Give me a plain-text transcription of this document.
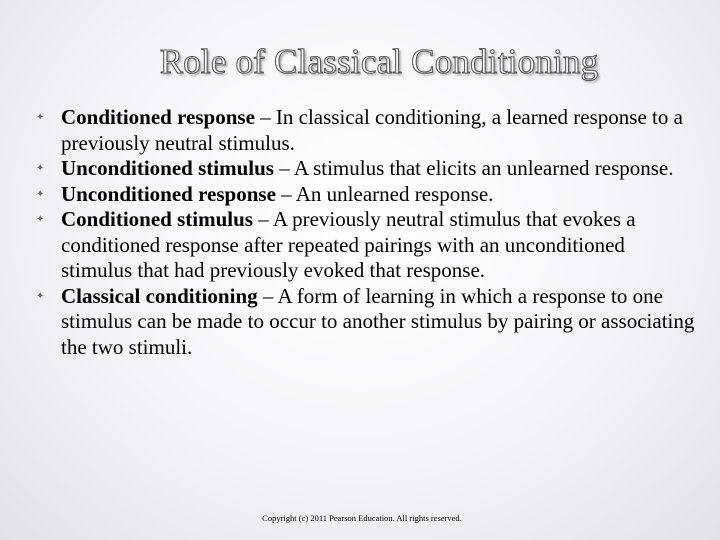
Role of Classical Conditioning
✦ Conditioned response – In classical conditioning, a learned response to a previously neutral stimulus.
✦ Unconditioned stimulus – A stimulus that elicits an unlearned response.
✦ Unconditioned response – An unlearned response.
✦ Conditioned stimulus – A previously neutral stimulus that evokes a conditioned response after repeated pairings with an unconditioned stimulus that had previously evoked that response.
✦ Classical conditioning – A form of learning in which a response to one stimulus can be made to occur to another stimulus by pairing or associating the two stimuli.
Copyright (c) 2011 Pearson Education. All rights reserved.
